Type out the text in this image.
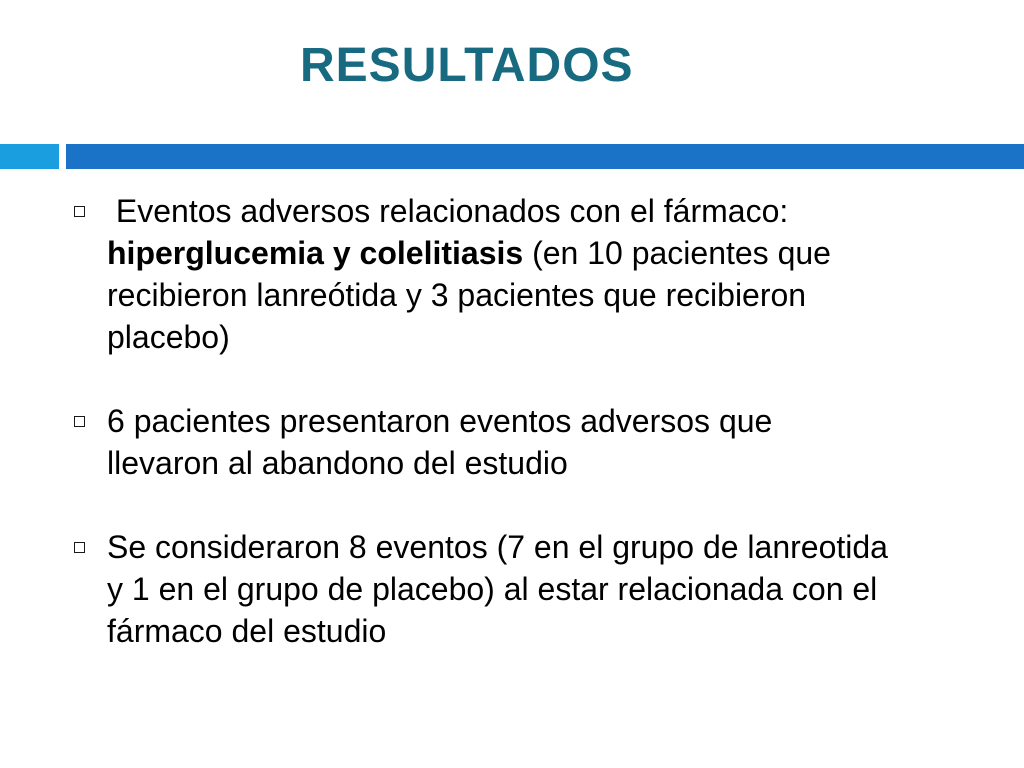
RESULTADOS
Eventos adversos relacionados con el fármaco: hiperglucemia y colelitiasis (en 10 pacientes que recibieron lanreótida y 3 pacientes que recibieron placebo)
6 pacientes presentaron eventos adversos que llevaron al abandono del estudio
Se consideraron 8 eventos (7 en el grupo de lanreotida y 1 en el grupo de placebo) al estar relacionada con el fármaco del estudio
